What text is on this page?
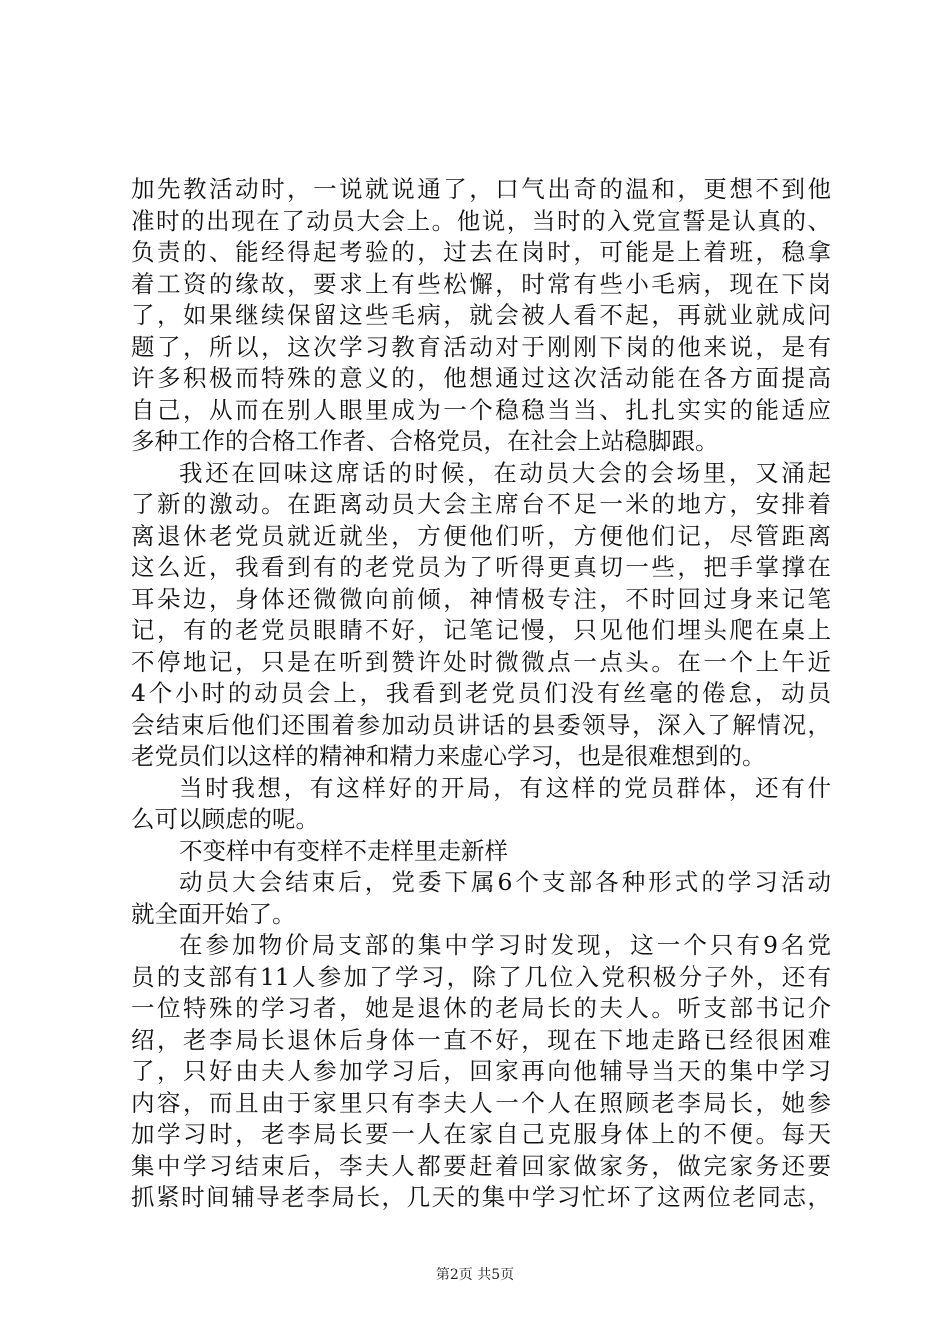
加先教活动时，一说就说通了，口气出奇的温和，更想不到他
准时的出现在了动员大会上。他说，当时的入党宣誓是认真的、
负责的、能经得起考验的，过去在岗时，可能是上着班，稳拿
着工资的缘故，要求上有些松懈，时常有些小毛病，现在下岗
了，如果继续保留这些毛病，就会被人看不起，再就业就成问
题了，所以，这次学习教育活动对于刚刚下岗的他来说，是有
许多积极而特殊的意义的，他想通过这次活动能在各方面提高
自己，从而在别人眼里成为一个稳稳当当、扎扎实实的能适应
多种工作的合格工作者、合格党员，在社会上站稳脚跟。
我还在回味这席话的时候，在动员大会的会场里，又涌起
了新的激动。在距离动员大会主席台不足一米的地方，安排着
离退休老党员就近就坐，方便他们听，方便他们记，尽管距离
这么近，我看到有的老党员为了听得更真切一些，把手掌撑在
耳朵边，身体还微微向前倾，神情极专注，不时回过身来记笔
记，有的老党员眼睛不好，记笔记慢，只见他们埋头爬在桌上
不停地记，只是在听到赞许处时微微点一点头。在一个上午近
4个小时的动员会上，我看到老党员们没有丝毫的倦怠，动员
会结束后他们还围着参加动员讲话的县委领导，深入了解情况，
老党员们以这样的精神和精力来虚心学习，也是很难想到的。
当时我想，有这样好的开局，有这样的党员群体，还有什
么可以顾虑的呢。
不变样中有变样不走样里走新样
动员大会结束后，党委下属6个支部各种形式的学习活动
就全面开始了。
在参加物价局支部的集中学习时发现，这一个只有9名党
员的支部有11人参加了学习，除了几位入党积极分子外，还有
一位特殊的学习者，她是退休的老局长的夫人。听支部书记介
绍，老李局长退休后身体一直不好，现在下地走路已经很困难
了，只好由夫人参加学习后，回家再向他辅导当天的集中学习
内容，而且由于家里只有李夫人一个人在照顾老李局长，她参
加学习时，老李局长要一人在家自己克服身体上的不便。每天
集中学习结束后，李夫人都要赶着回家做家务，做完家务还要
抓紧时间辅导老李局长，几天的集中学习忙坏了这两位老同志，
第2页 共5页
